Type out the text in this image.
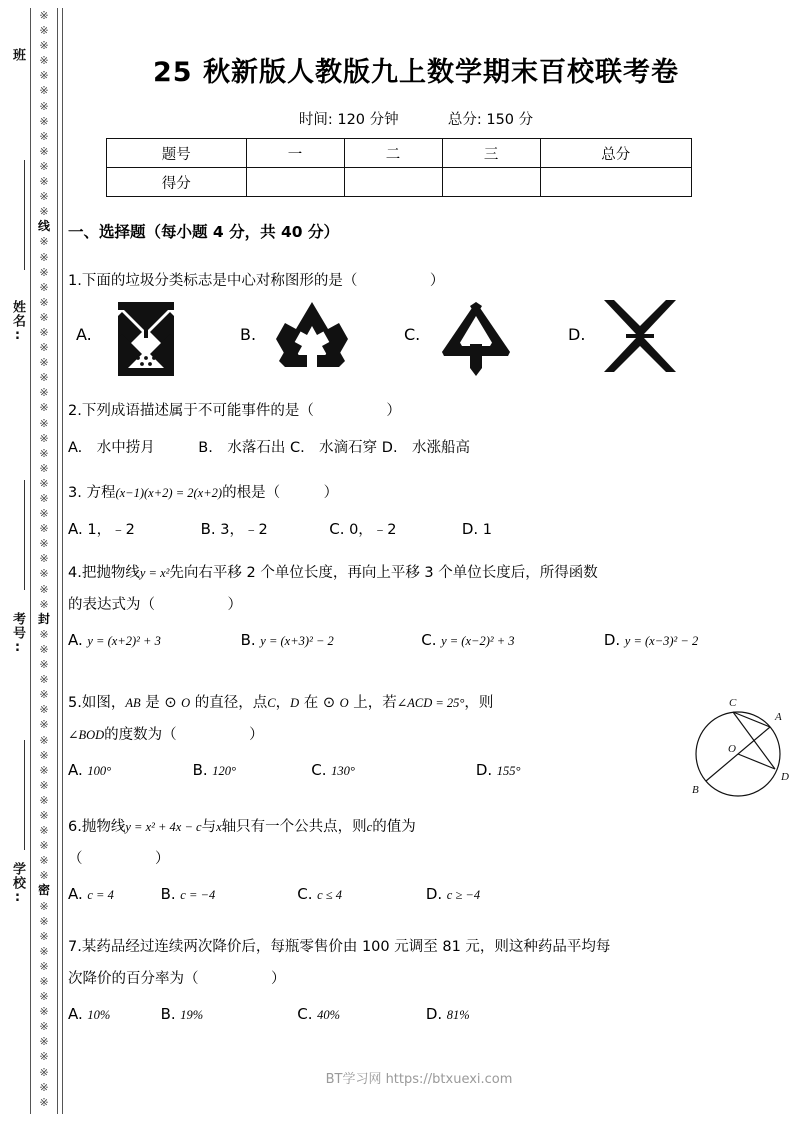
班
姓名:
考号:
学校:
※
※
※
※
※
※
※
※
※
※
※
※
※
※
线
※
※
※
※
※
※
※
※
※
※
※
※
※
※
※
※
※
※
※
※
※
※
※
※
※
封
※
※
※
※
※
※
※
※
※
※
※
※
※
※
※
※
※
密
※
※
※
※
※
※
※
※
※
※
※
※
※
※
25 秋新版人教版九上数学期末百校联考卷
时间: 120 分钟	总分: 150 分
题号	一	二	三	总分
得分				
一、选择题（每小题 4 分，共 40 分）
1.下面的垃圾分类标志是中心对称图形的是（　　　　　）
A.	B.	C.	D.
2.下列成语描述属于不可能事件的是（　　　　　）
A.　水中捞月　　　B.　水落石出 C.　水滴石穿 D.　水涨船高
3. 方程(x−1)(x+2) = 2(x+2)的根是（　　　）
A. 1，﹣2	B. 3，﹣2	C. 0，﹣2	D. 1
4.把抛物线y = x²先向右平移 2 个单位长度，再向上平移 3 个单位长度后，所得函数
的表达式为（　　　　　）
A. y = (x+2)² + 3	B. y = (x+3)² − 2	C. y = (x−2)² + 3	D. y = (x−3)² − 2
5.如图，AB 是 ⊙ O 的直径，点C，D 在 ⊙ O 上，若∠ACD = 25°，则
∠BOD的度数为（　　　　　）
A. 100°	B. 120°	C. 130°	D. 155°
C
A
D
B
O
6.抛物线y = x² + 4x − c与x轴只有一个公共点，则c的值为
（　　　　　）
A. c = 4	B. c = −4	C. c ≤ 4	D. c ≥ −4
7.某药品经过连续两次降价后，每瓶零售价由 100 元调至 81 元，则这种药品平均每
次降价的百分率为（　　　　　）
A. 10%	B. 19%	C. 40%	D. 81%
BT学习网 https://btxuexi.com
